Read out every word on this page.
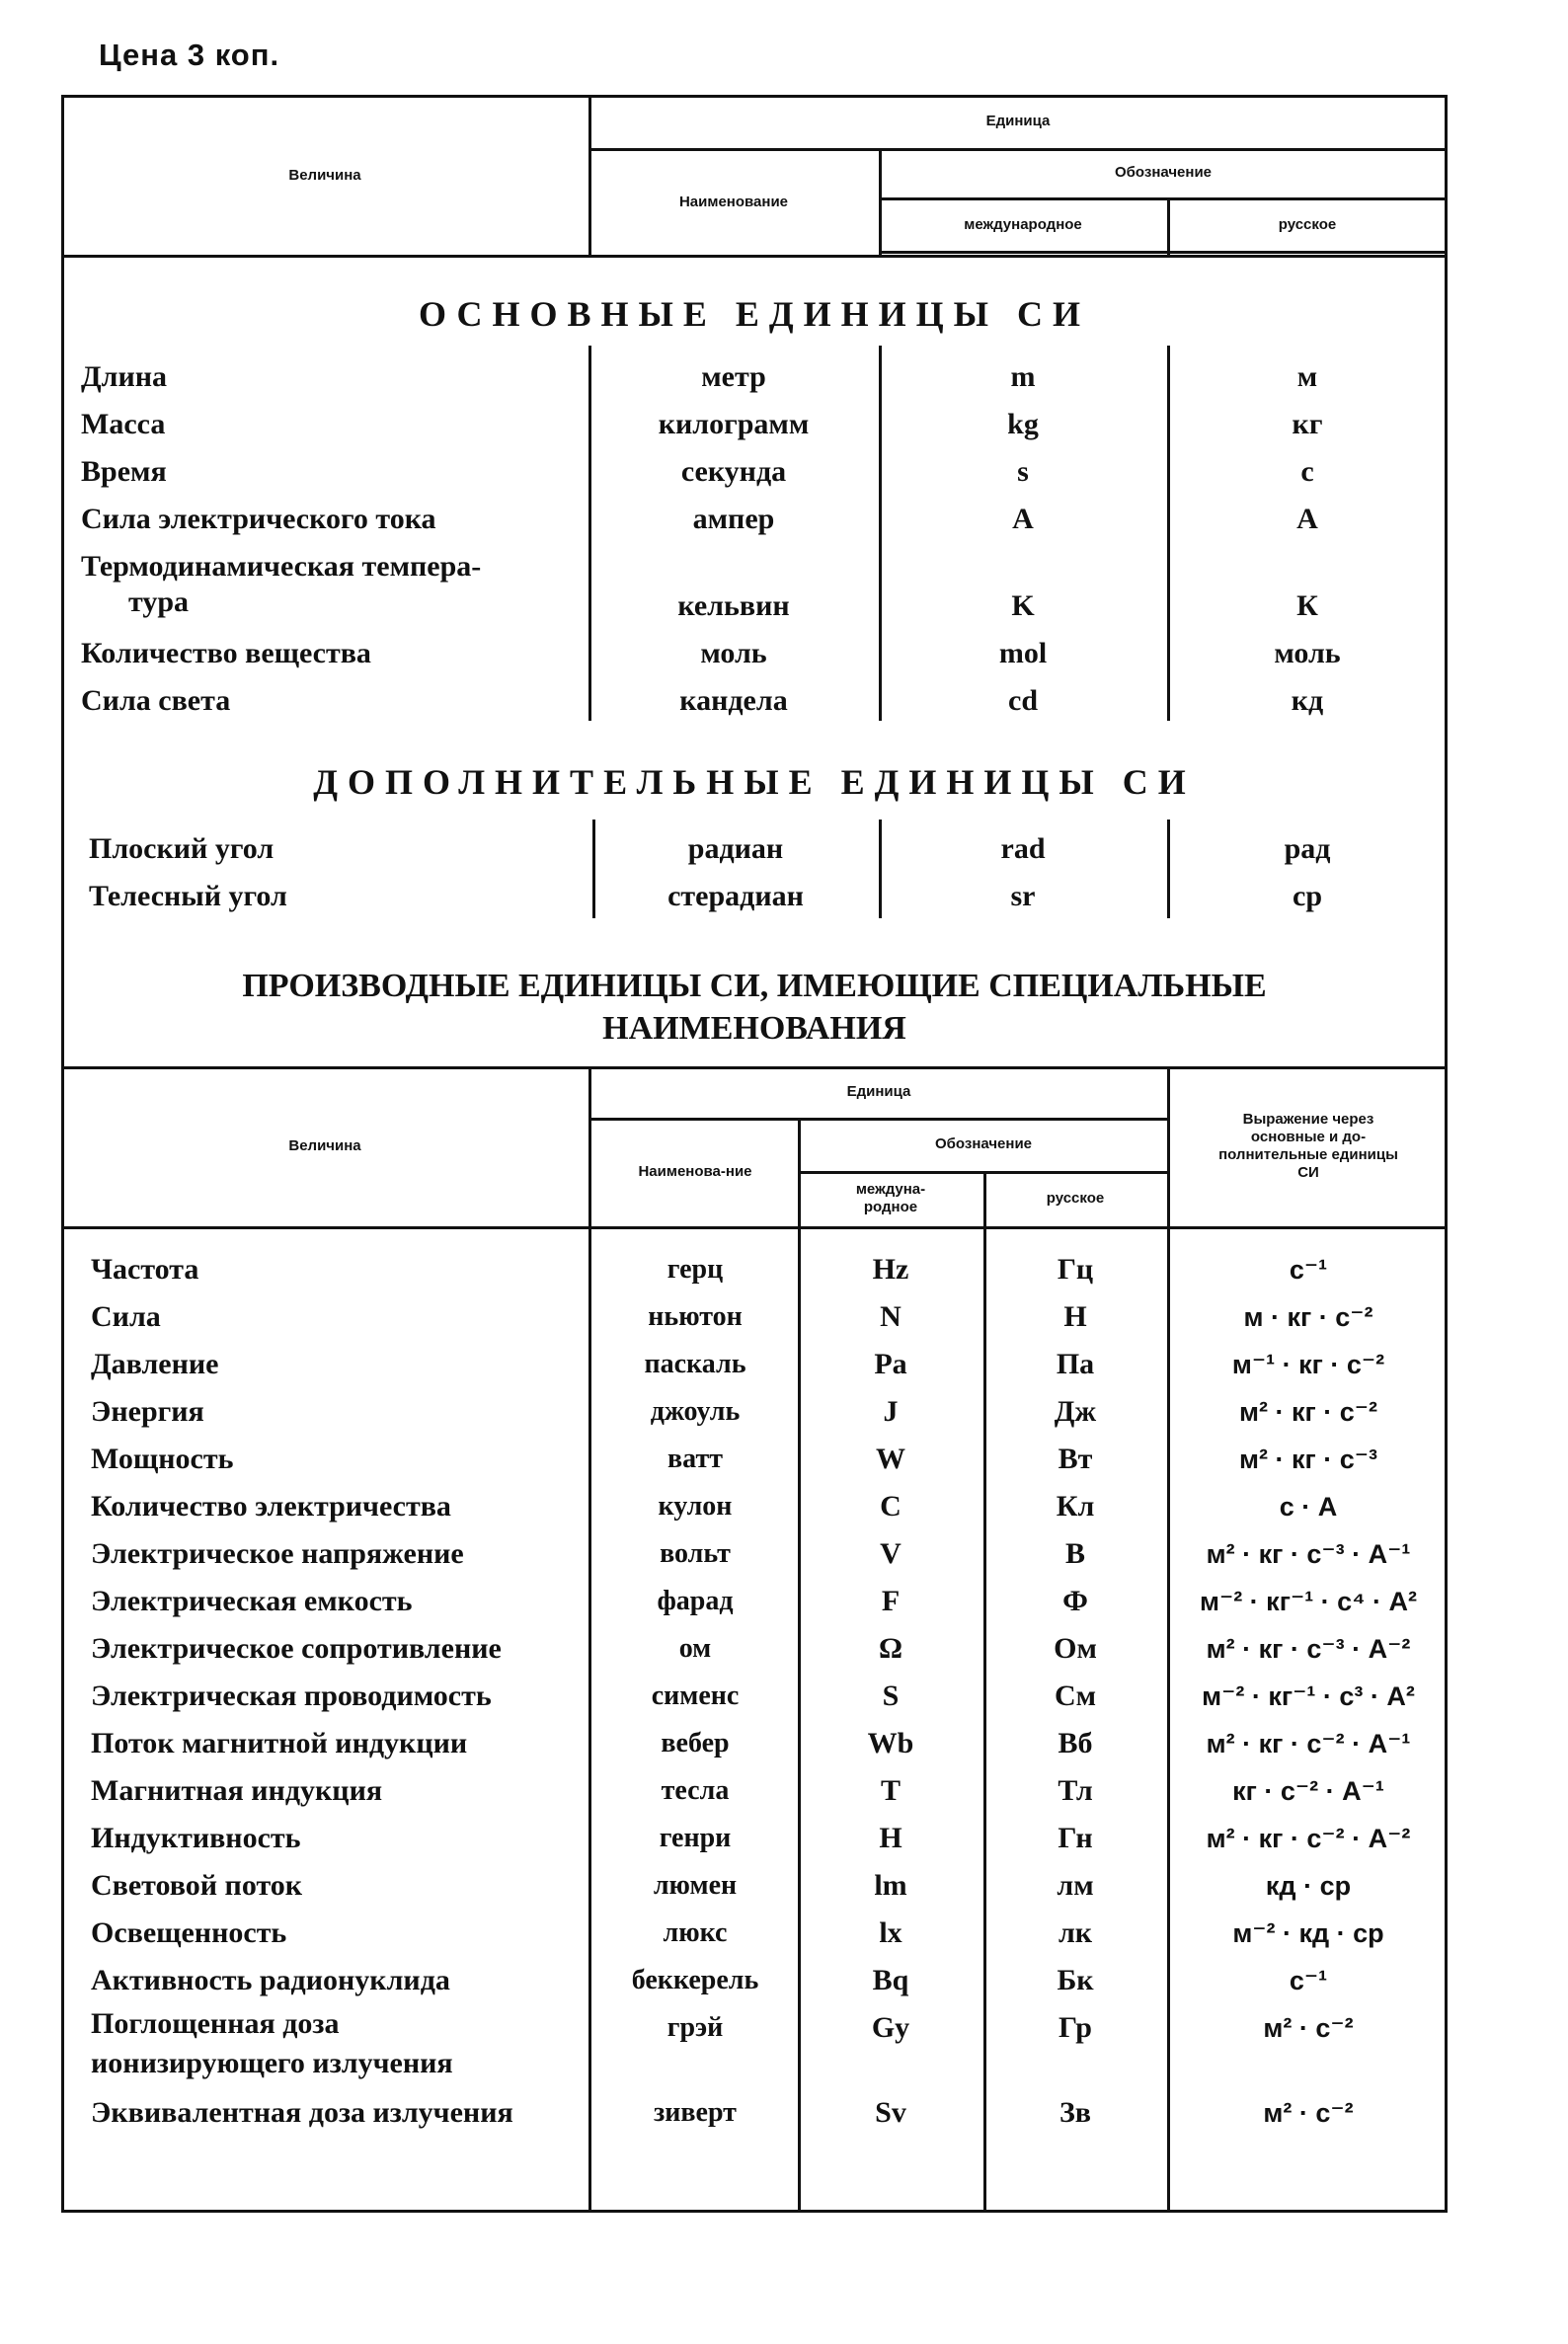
Цена 3 коп.
Величина
Единица
Наименование
Обозначение
международное	русское
ОСНОВНЫЕ ЕДИНИЦЫ СИ
Длина	метр	m	м
Масса	килограмм	kg	кг
Время	секунда	s	с
Сила электрического тока	ампер	A	А
Термодинамическая темпера-
тура	кельвин	K	К
Количество вещества	моль	mol	моль
Сила света	кандела	cd	кд
ДОПОЛНИТЕЛЬНЫЕ ЕДИНИЦЫ СИ
Плоский угол	радиан	rad	рад
Телесный угол	стерадиан	sr	ср
ПРОИЗВОДНЫЕ ЕДИНИЦЫ СИ, ИМЕЮЩИЕ СПЕЦИАЛЬНЫЕ
НАИМЕНОВАНИЯ
Величина
Единица
Наименова-ние
Обозначение
междуна-родное
русское
Выражение через основные и до-полнительные единицы СИ
Частота	герц	Hz	Гц	с⁻¹
Сила	ньютон	N	Н	м · кг · с⁻²
Давление	паскаль	Pa	Па	м⁻¹ · кг · с⁻²
Энергия	джоуль	J	Дж	м² · кг · с⁻²
Мощность	ватт	W	Вт	м² · кг · с⁻³
Количество электричества	кулон	C	Кл	с · А
Электрическое напряжение	вольт	V	В	м² · кг · с⁻³ · А⁻¹
Электрическая емкость	фарад	F	Ф	м⁻² · кг⁻¹ · с⁴ · А²
Электрическое сопротивление	ом	Ω	Ом	м² · кг · с⁻³ · А⁻²
Электрическая проводимость	сименс	S	См	м⁻² · кг⁻¹ · с³ · А²
Поток магнитной индукции	вебер	Wb	Вб	м² · кг · с⁻² · А⁻¹
Магнитная индукция	тесла	T	Тл	кг · с⁻² · А⁻¹
Индуктивность	генри	H	Гн	м² · кг · с⁻² · А⁻²
Световой поток	люмен	lm	лм	кд · ср
Освещенность	люкс	lx	лк	м⁻² · кд · ср
Активность радионуклида	беккерель	Bq	Бк	с⁻¹
Поглощенная доза
ионизирующего излучения
грэй	Gy	Гр	м² · с⁻²
Эквивалентная доза излучения	зиверт	Sv	Зв	м² · с⁻²
